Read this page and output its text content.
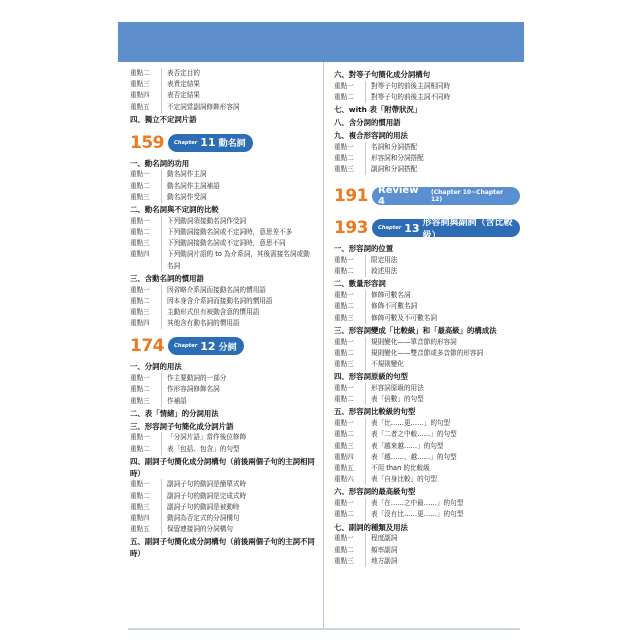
重點二	表否定目的
重點三	表責定結果
重點四	表否定結果
重點五	不定詞當副詞修飾形容詞
四、獨立不定詞片語
159 Chapter 11 動名詞
一、動名詞的功用
重點一	動名詞作主詞
重點二	動名詞作主詞補語
重點三	動名詞作受詞
二、動名詞與不定詞的比較
重點一	下列動詞須接動名詞作受詞
重點二	下列動詞接動名詞或不定詞時，意思差不多
重點三	下列動詞接動名詞或不定詞時，意思不同
重點四	下列動詞片語的 to 為介系詞，其後需接名詞或動名詞
三、含動名詞的慣用語
重點一	因省略介系詞而接動名詞的慣用語
重點二	因本身含介系詞而接動名詞的慣用語
重點三	主動形式但有被動含意的慣用語
重點四	其他含有動名詞的慣用語
174 Chapter 12 分詞
一、分詞的用法
重點一	作主要動詞的一部分
重點二	作形容詞修飾名詞
重點三	作補語
二、表「情緒」的分詞用法
三、形容詞子句簡化成分詞片語
重點一	「分詞片語」當作後位修飾
重點二	表「包括、包含」的句型
四、副詞子句簡化成分詞構句（前後兩個子句的主詞相同時）
重點一	副詞子句的動詞是簡單式時
重點二	副詞子句的動詞是完成式時
重點三	副詞子句的動詞是被動時
重點四	動詞為否定式的分詞構句
重點五	保留連接詞的分詞構句
五、副詞子句簡化成分詞構句（前後兩個子句的主詞不同時）
六、對等子句簡化成分詞構句
重點一	對等子句的前後主詞相同時
重點二	對等子句的前後主詞不同時
七、with 表「附帶狀況」
八、含分詞的慣用語
九、複合形容詞的用法
重點一	名詞和分詞搭配
重點二	形容詞和分詞搭配
重點三	副詞和分詞搭配
191 Review 4
(Chapter 10~Chapter 12)
193 Chapter 13 形容詞與副詞（含比較級）
一、形容詞的位置
重點一	限定用法
重點二	敘述用法
二、數量形容詞
重點一	修飾可數名詞
重點二	修飾不可數名詞
重點三	修飾可數及不可數名詞
三、形容詞變成「比較級」和「最高級」的構成法
重點一	規則變化——單音節的形容詞
重點二	規則變化——雙音節或多音節的形容詞
重點三	不規則變化
四、形容詞原級的句型
重點一	形容詞原級的用法
重點二	表「倍數」的句型
五、形容詞比較級的句型
重點一	表「比……更……」的句型
重點二	表「二者之中較……」的句型
重點三	表「越來越……」的句型
重點四	表「越……，越……」的句型
重點五	不用 than 的比較級
重點六	表「自身比較」的句型
六、形容詞的最高級句型
重點一	表「在……之中最……」的句型
重點二	表「沒有比……更……」的句型
七、副詞的種類及用法
重點一	程度副詞
重點二	頻率副詞
重點三	地方副詞
